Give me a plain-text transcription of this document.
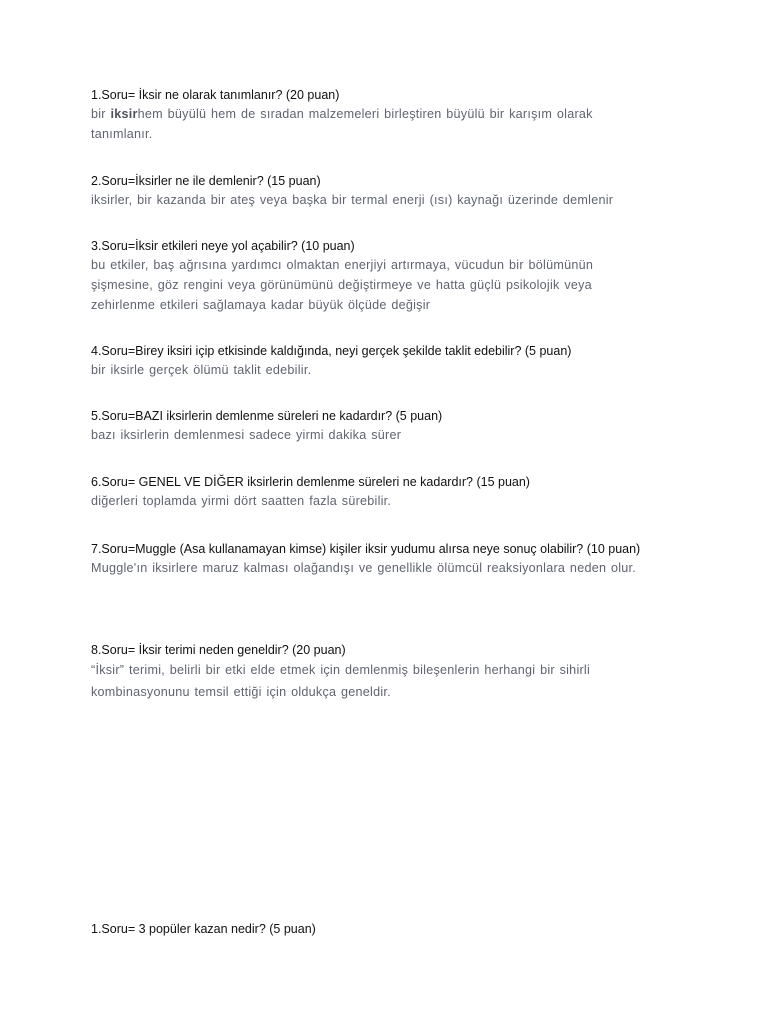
1.Soru= İksir ne olarak tanımlanır? (20 puan)
bir iksirhem büyülü hem de sıradan malzemeleri birleştiren büyülü bir karışım olarak tanımlanır.
2.Soru=İksirler ne ile demlenir? (15 puan)
iksirler, bir kazanda bir ateş veya başka bir termal enerji (ısı) kaynağı üzerinde demlenir
3.Soru=İksir etkileri neye yol açabilir? (10 puan)
bu etkiler, baş ağrısına yardımcı olmaktan enerjiyi artırmaya, vücudun bir bölümünün şişmesine, göz rengini veya görünümünü değiştirmeye ve hatta güçlü psikolojik veya zehirlenme etkileri sağlamaya kadar büyük ölçüde değişir
4.Soru=Birey iksiri içip etkisinde kaldığında, neyi gerçek şekilde taklit edebilir? (5 puan)
bir iksirle gerçek ölümü taklit edebilir.
5.Soru=BAZI iksirlerin demlenme süreleri ne kadardır? (5 puan)
bazı iksirlerin demlenmesi sadece yirmi dakika sürer
6.Soru= GENEL VE DİĞER iksirlerin demlenme süreleri ne kadardır? (15 puan)
diğerleri toplamda yirmi dört saatten fazla sürebilir.
7.Soru=Muggle (Asa kullanamayan kimse) kişiler iksir yudumu alırsa neye sonuç olabilir? (10 puan)
Muggle'ın iksirlere maruz kalması olağandışı ve genellikle ölümcül reaksiyonlara neden olur.
8.Soru= İksir terimi neden geneldir? (20 puan)
“İksir” terimi, belirli bir etki elde etmek için demlenmiş bileşenlerin herhangi bir sihirli kombinasyonunu temsil ettiği için oldukça geneldir.
1.Soru= 3 popüler kazan nedir? (5 puan)
